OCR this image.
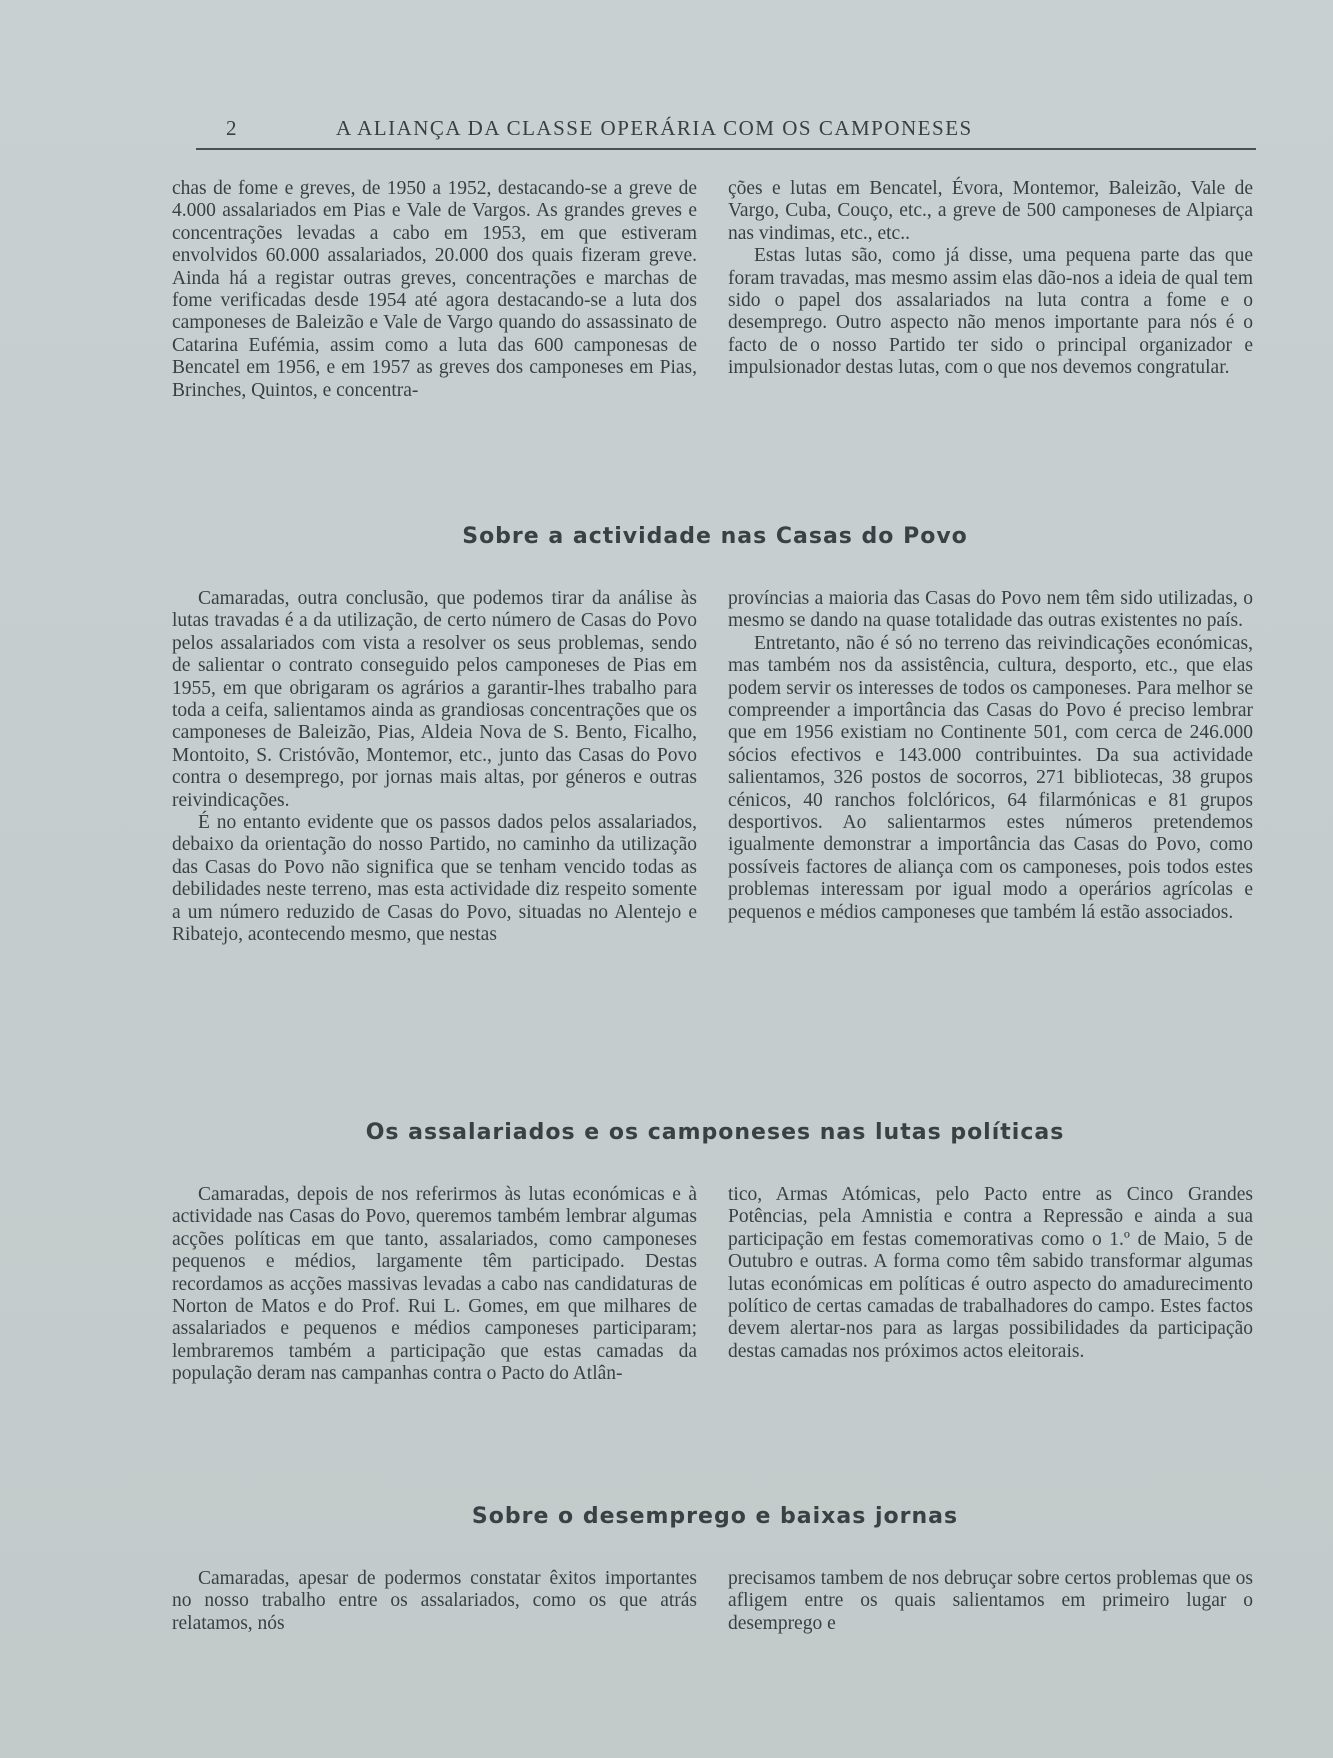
2	A ALIANÇA DA CLASSE OPERÁRIA COM OS CAMPONESES

chas de fome e greves, de 1950 a 1952, destacando-se a greve de 4.000 assalariados em Pias e Vale de Vargos. As grandes greves e concentrações levadas a cabo em 1953, em que estiveram envolvidos 60.000 assalariados, 20.000 dos quais fizeram greve. Ainda há a registar outras greves, concentrações e marchas de fome verificadas desde 1954 até agora destacando-se a luta dos camponeses de Baleizão e Vale de Vargo quando do assassinato de Catarina Eufémia, assim como a luta das 600 camponesas de Bencatel em 1956, e em 1957 as greves dos camponeses em Pias, Brinches, Quintos, e concentra-

ções e lutas em Bencatel, Évora, Montemor, Baleizão, Vale de Vargo, Cuba, Couço, etc., a greve de 500 camponeses de Alpiarça nas vindimas, etc., etc..

Estas lutas são, como já disse, uma pequena parte das que foram travadas, mas mesmo assim elas dão-nos a ideia de qual tem sido o papel dos assalariados na luta contra a fome e o desemprego. Outro aspecto não menos importante para nós é o facto de o nosso Partido ter sido o principal organizador e impulsionador destas lutas, com o que nos devemos congratular.

Sobre a actividade nas Casas do Povo

Camaradas, outra conclusão, que podemos tirar da análise às lutas travadas é a da utilização, de certo número de Casas do Povo pelos assalariados com vista a resolver os seus problemas, sendo de salientar o contrato conseguido pelos camponeses de Pias em 1955, em que obrigaram os agrários a garantir-lhes trabalho para toda a ceifa, salientamos ainda as grandiosas concentrações que os camponeses de Baleizão, Pias, Aldeia Nova de S. Bento, Ficalho, Montoito, S. Cristóvão, Montemor, etc., junto das Casas do Povo contra o desemprego, por jornas mais altas, por géneros e outras reivindicações.

É no entanto evidente que os passos dados pelos assalariados, debaixo da orientação do nosso Partido, no caminho da utilização das Casas do Povo não significa que se tenham vencido todas as debilidades neste terreno, mas esta actividade diz respeito somente a um número reduzido de Casas do Povo, situadas no Alentejo e Ribatejo, acontecendo mesmo, que nestas

províncias a maioria das Casas do Povo nem têm sido utilizadas, o mesmo se dando na quase totalidade das outras existentes no país.

Entretanto, não é só no terreno das reivindicações económicas, mas também nos da assistência, cultura, desporto, etc., que elas podem servir os interesses de todos os camponeses. Para melhor se compreender a importância das Casas do Povo é preciso lembrar que em 1956 existiam no Continente 501, com cerca de 246.000 sócios efectivos e 143.000 contribuintes. Da sua actividade salientamos, 326 postos de socorros, 271 bibliotecas, 38 grupos cénicos, 40 ranchos folclóricos, 64 filarmónicas e 81 grupos desportivos. Ao salientarmos estes números pretendemos igualmente demonstrar a importância das Casas do Povo, como possíveis factores de aliança com os camponeses, pois todos estes problemas interessam por igual modo a operários agrícolas e pequenos e médios camponeses que também lá estão associados.

Os assalariados e os camponeses nas lutas políticas

Camaradas, depois de nos referirmos às lutas económicas e à actividade nas Casas do Povo, queremos também lembrar algumas acções políticas em que tanto, assalariados, como camponeses pequenos e médios, largamente têm participado. Destas recordamos as acções massivas levadas a cabo nas candidaturas de Norton de Matos e do Prof. Rui L. Gomes, em que milhares de assalariados e pequenos e médios camponeses participaram; lembraremos também a participação que estas camadas da população deram nas campanhas contra o Pacto do Atlân-

tico, Armas Atómicas, pelo Pacto entre as Cinco Grandes Potências, pela Amnistia e contra a Repressão e ainda a sua participação em festas comemorativas como o 1.º de Maio, 5 de Outubro e outras. A forma como têm sabido transformar algumas lutas económicas em políticas é outro aspecto do amadurecimento político de certas camadas de trabalhadores do campo. Estes factos devem alertar-nos para as largas possibilidades da participação destas camadas nos próximos actos eleitorais.

Sobre o desemprego e baixas jornas

Camaradas, apesar de podermos constatar êxitos importantes no nosso trabalho entre os assalariados, como os que atrás relatamos, nós

precisamos tambem de nos debruçar sobre certos problemas que os afligem entre os quais salientamos em primeiro lugar o desemprego e
